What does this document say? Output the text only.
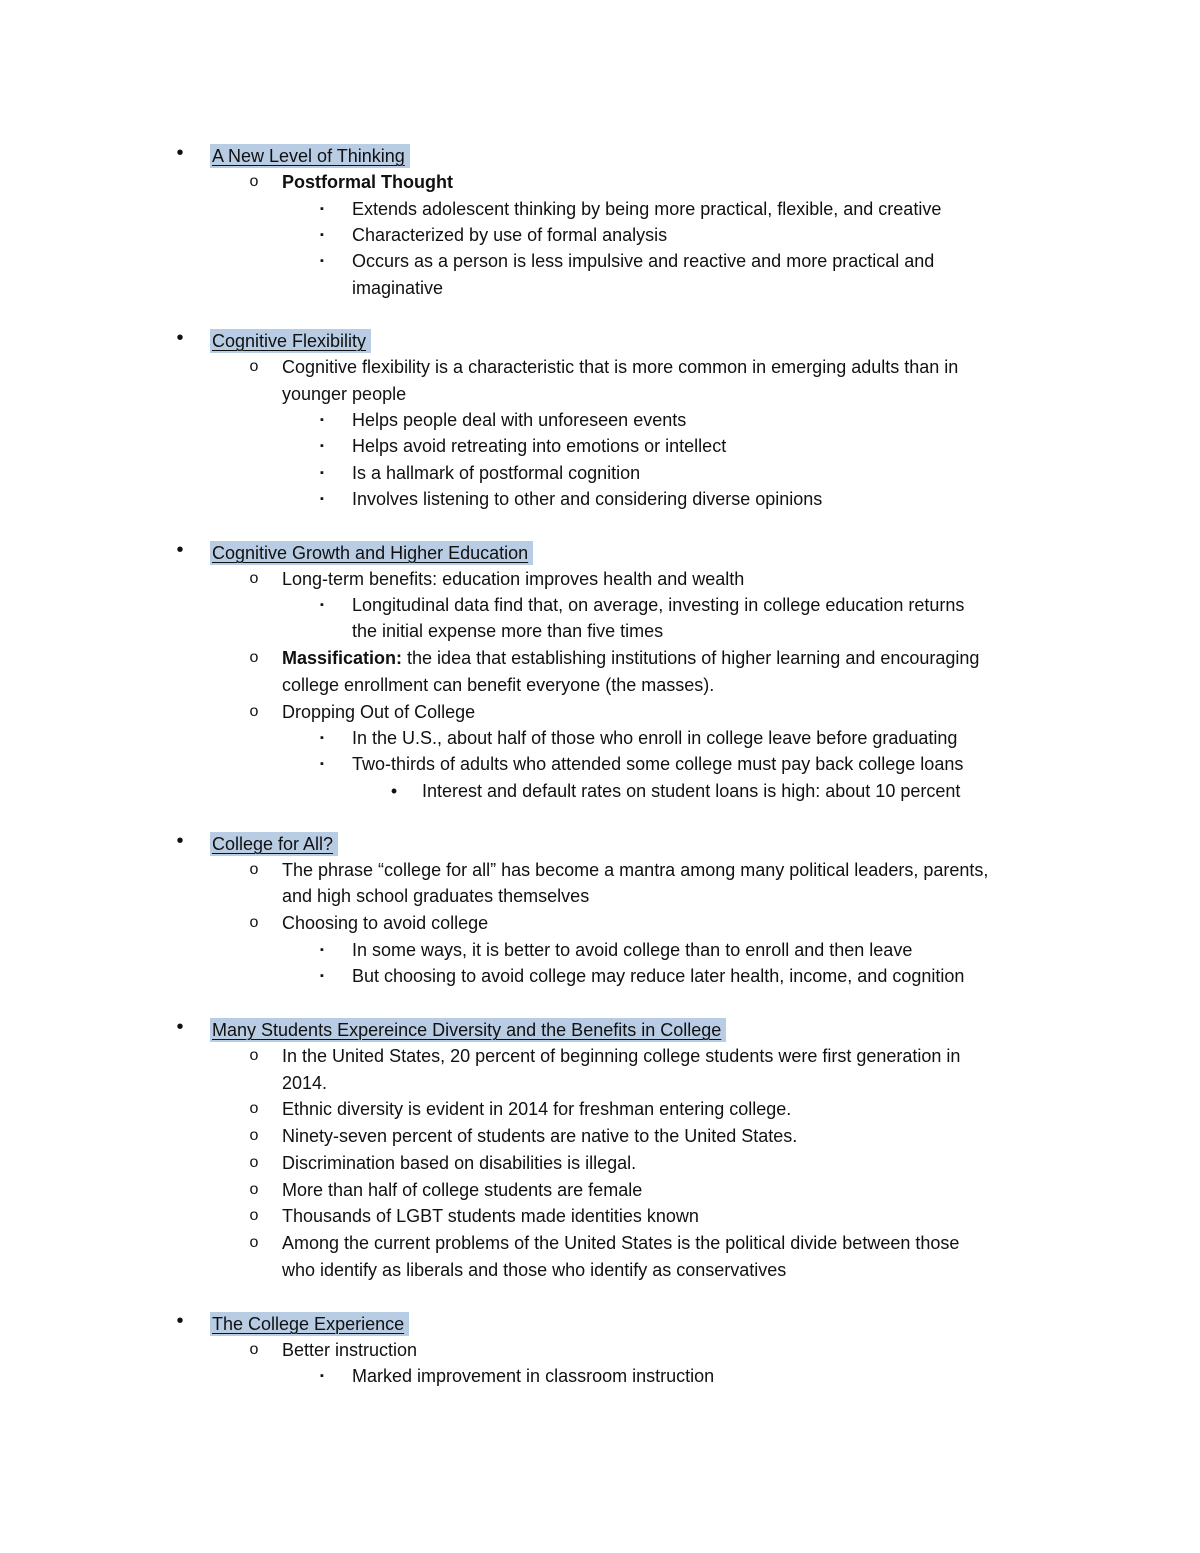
•	A New Level of Thinking
o	Postformal Thought
▪	Extends adolescent thinking by being more practical, flexible, and creative
▪	Characterized by use of formal analysis
▪	Occurs as a person is less impulsive and reactive and more practical and
imaginative
•	Cognitive Flexibility
o	Cognitive flexibility is a characteristic that is more common in emerging adults than in
younger people
▪	Helps people deal with unforeseen events
▪	Helps avoid retreating into emotions or intellect
▪	Is a hallmark of postformal cognition
▪	Involves listening to other and considering diverse opinions
•	Cognitive Growth and Higher Education
o	Long-term benefits: education improves health and wealth
▪	Longitudinal data find that, on average, investing in college education returns
the initial expense more than five times
o	Massification: the idea that establishing institutions of higher learning and encouraging
college enrollment can benefit everyone (the masses).
o	Dropping Out of College
▪	In the U.S., about half of those who enroll in college leave before graduating
▪	Two-thirds of adults who attended some college must pay back college loans
•	Interest and default rates on student loans is high: about 10 percent
•	College for All?
o	The phrase “college for all” has become a mantra among many political leaders, parents,
and high school graduates themselves
o	Choosing to avoid college
▪	In some ways, it is better to avoid college than to enroll and then leave
▪	But choosing to avoid college may reduce later health, income, and cognition
•	Many Students Expereince Diversity and the Benefits in College
o	In the United States, 20 percent of beginning college students were first generation in
2014.
o	Ethnic diversity is evident in 2014 for freshman entering college.
o	Ninety-seven percent of students are native to the United States.
o	Discrimination based on disabilities is illegal.
o	More than half of college students are female
o	Thousands of LGBT students made identities known
o	Among the current problems of the United States is the political divide between those
who identify as liberals and those who identify as conservatives
•	The College Experience
o	Better instruction
▪	Marked improvement in classroom instruction
